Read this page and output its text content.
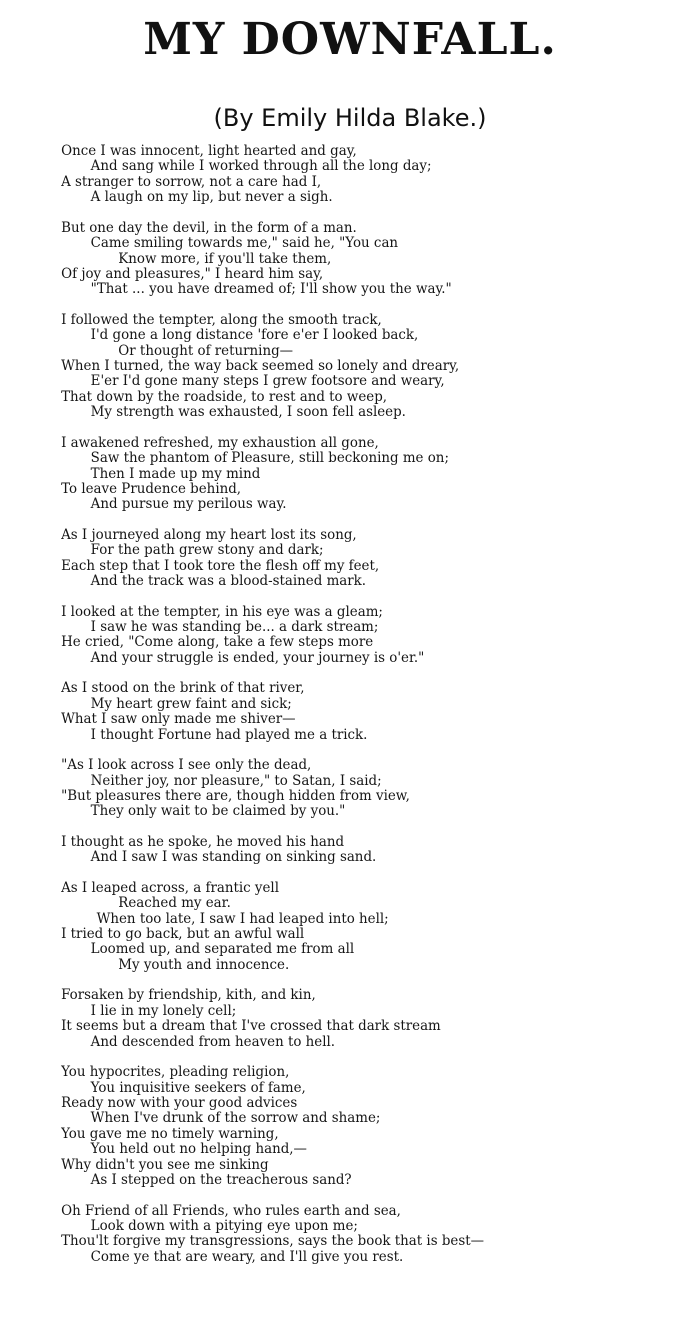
MY DOWNFALL.
(By Emily Hilda Blake.)
Once I was innocent, light hearted and gay,
And sang while I worked through all the long day;
A stranger to sorrow, not a care had I,
A laugh on my lip, but never a sigh.
But one day the devil, in the form of a man.
Came smiling towards me," said he, "You can
Know more, if you'll take them,
Of joy and pleasures," I heard him say,
"That ... you have dreamed of; I'll show you the way."
I followed the tempter, along the smooth track,
I'd gone a long distance 'fore e'er I looked back,
Or thought of returning—
When I turned, the way back seemed so lonely and dreary,
E'er I'd gone many steps I grew footsore and weary,
That down by the roadside, to rest and to weep,
My strength was exhausted, I soon fell asleep.
I awakened refreshed, my exhaustion all gone,
Saw the phantom of Pleasure, still beckoning me on;
Then I made up my mind
To leave Prudence behind,
And pursue my perilous way.
As I journeyed along my heart lost its song,
For the path grew stony and dark;
Each step that I took tore the flesh off my feet,
And the track was a blood-stained mark.
I looked at the tempter, in his eye was a gleam;
I saw he was standing be... a dark stream;
He cried, "Come along, take a few steps more
And your struggle is ended, your journey is o'er."
As I stood on the brink of that river,
My heart grew faint and sick;
What I saw only made me shiver—
I thought Fortune had played me a trick.
"As I look across I see only the dead,
Neither joy, nor pleasure," to Satan, I said;
"But pleasures there are, though hidden from view,
They only wait to be claimed by you."
I thought as he spoke, he moved his hand
And I saw I was standing on sinking sand.
As I leaped across, a frantic yell
Reached my ear.
When too late, I saw I had leaped into hell;
I tried to go back, but an awful wall
Loomed up, and separated me from all
My youth and innocence.
Forsaken by friendship, kith, and kin,
I lie in my lonely cell;
It seems but a dream that I've crossed that dark stream
And descended from heaven to hell.
You hypocrites, pleading religion,
You inquisitive seekers of fame,
Ready now with your good advices
When I've drunk of the sorrow and shame;
You gave me no timely warning,
You held out no helping hand,—
Why didn't you see me sinking
As I stepped on the treacherous sand?
Oh Friend of all Friends, who rules earth and sea,
Look down with a pitying eye upon me;
Thou'lt forgive my transgressions, says the book that is best—
Come ye that are weary, and I'll give you rest.
